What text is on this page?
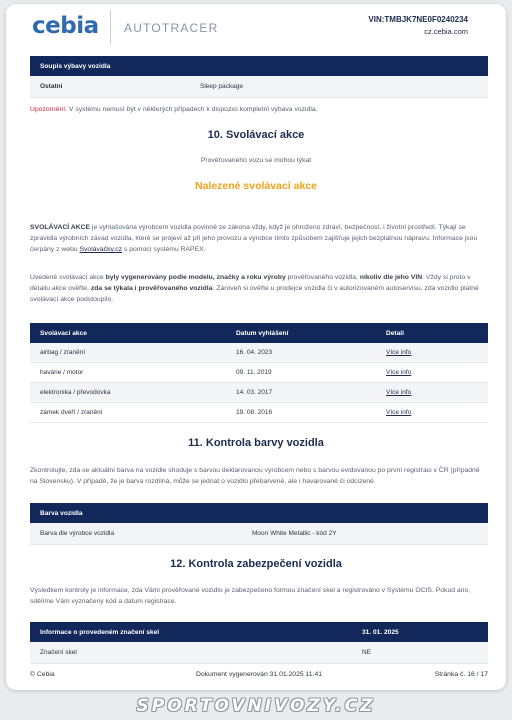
cebia AUTOTRACER
VIN:TMBJK7NE0F0240234
cz.cebia.com
Soupis výbavy vozidla
Ostatní	Sleep package
Upozornění: V systému nemusí být v některých případech k dispozici kompletní výbava vozidla.
10. Svolávací akce
Prověřovaného vozu se mohou týkat
Nalezené svolávací akce
SVOLÁVACÍ AKCE je vyhlašována výrobcem vozidla povinně ze zákona vždy, když je ohroženo zdraví, bezpečnost, i životní prostředí. Týkají se zpravidla výrobních závad vozidla, které se projeví až při jeho provozu a výrobce tímto způsobem zajišťuje jejich bezplatnou nápravu. Informace jsou čerpány z webu Svolávačky.cz s pomocí systému RAPEX.
Uvedené svolávací akce byly vygenerovány podle modelu, značky a roku výroby prověřovaného vozidla, nikoliv dle jeho VIN. Vždy si proto v detailu akce ověřte, zda se týkala i prověřovaného vozidla. Zároveň si ověřte u prodejce vozidla či v autorizovaném autoservisu, zda vozidlo platné svolávací akce podstoupilo.
Svolávací akce	Datum vyhlášení	Detail
airbag / zranění	16. 04. 2023	Více info
havárie / motor	09. 11. 2019	Více info
elektronika / převodovka	14. 03. 2017	Více info
zámek dveří / zranění	19. 08. 2016	Více info
11. Kontrola barvy vozidla
Zkontrolujte, zda se aktuální barva na vozidle shoduje s barvou deklarovanou výrobcem nebo s barvou evidovanou po první registraci v ČR (případně na Slovensku). V případě, že je barva rozdílná, může se jednat o vozidlo přebarvené, ale i havarované či odcizené.
Barva vozidla
Barva dle výrobce vozidla	Moon White Metallic - kód 2Y
12. Kontrola zabezpečení vozidla
Výsledkem kontroly je informace, zda Vámi prověřované vozidlo je zabezpečeno formou značení skel a registrováno v Systému OCIS. Pokud ano, sdělíme Vám vyznačený kód a datum registrace.
Informace o provedeném značení skel	31. 01. 2025
Značení skel	NE
© Cebia	Dokument vygenerován 31.01.2025 11:41	Stránka č. 16 / 17
SPORTOVNIVOZY.CZ
